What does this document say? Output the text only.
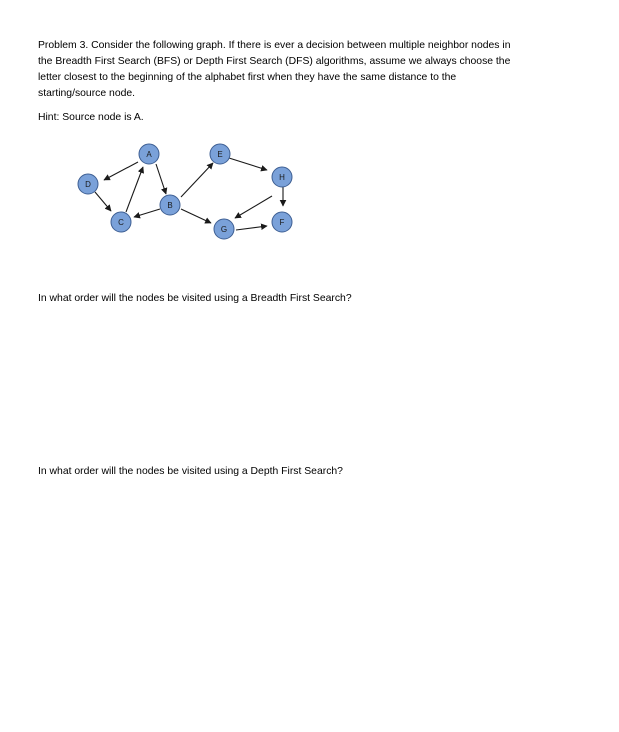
Problem 3. Consider the following graph. If there is ever a decision between multiple neighbor nodes in
the Breadth First Search (BFS) or Depth First Search (DFS) algorithms, assume we always choose the
letter closest to the beginning of the alphabet first when they have the same distance to the
starting/source node.

Hint: Source node is A.

A	E
D
H
B
C
G
F

In what order will the nodes be visited using a Breadth First Search?

In what order will the nodes be visited using a Depth First Search?
